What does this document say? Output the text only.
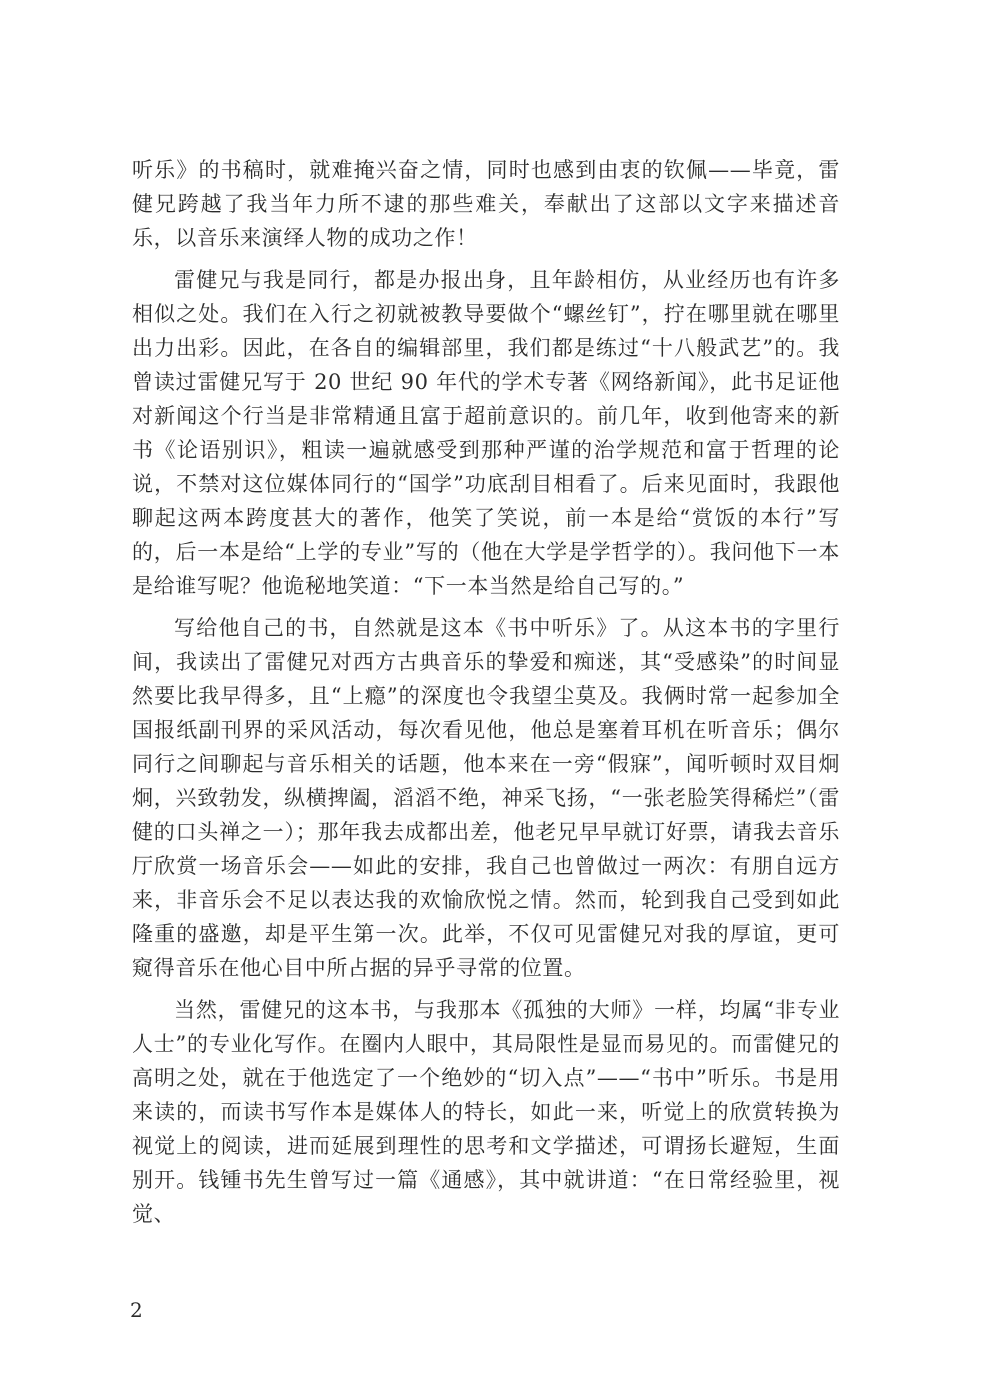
听乐》的书稿时，就难掩兴奋之情，同时也感到由衷的钦佩——毕竟，雷健兄跨越了我当年力所不逮的那些难关，奉献出了这部以文字来描述音乐，以音乐来演绎人物的成功之作！

雷健兄与我是同行，都是办报出身，且年龄相仿，从业经历也有许多相似之处。我们在入行之初就被教导要做个“螺丝钉”，拧在哪里就在哪里出力出彩。因此，在各自的编辑部里，我们都是练过“十八般武艺”的。我曾读过雷健兄写于 20 世纪 90 年代的学术专著《网络新闻》，此书足证他对新闻这个行当是非常精通且富于超前意识的。前几年，收到他寄来的新书《论语别识》，粗读一遍就感受到那种严谨的治学规范和富于哲理的论说，不禁对这位媒体同行的“国学”功底刮目相看了。后来见面时，我跟他聊起这两本跨度甚大的著作，他笑了笑说，前一本是给“赏饭的本行”写的，后一本是给“上学的专业”写的（他在大学是学哲学的）。我问他下一本是给谁写呢？他诡秘地笑道：“下一本当然是给自己写的。”

写给他自己的书，自然就是这本《书中听乐》了。从这本书的字里行间，我读出了雷健兄对西方古典音乐的挚爱和痴迷，其“受感染”的时间显然要比我早得多，且“上瘾”的深度也令我望尘莫及。我俩时常一起参加全国报纸副刊界的采风活动，每次看见他，他总是塞着耳机在听音乐；偶尔同行之间聊起与音乐相关的话题，他本来在一旁“假寐”，闻听顿时双目炯炯，兴致勃发，纵横捭阖，滔滔不绝，神采飞扬，“一张老脸笑得稀烂”（雷健的口头禅之一）；那年我去成都出差，他老兄早早就订好票，请我去音乐厅欣赏一场音乐会——如此的安排，我自己也曾做过一两次：有朋自远方来，非音乐会不足以表达我的欢愉欣悦之情。然而，轮到我自己受到如此隆重的盛邀，却是平生第一次。此举，不仅可见雷健兄对我的厚谊，更可窥得音乐在他心目中所占据的异乎寻常的位置。

当然，雷健兄的这本书，与我那本《孤独的大师》一样，均属“非专业人士”的专业化写作。在圈内人眼中，其局限性是显而易见的。而雷健兄的高明之处，就在于他选定了一个绝妙的“切入点”——“书中”听乐。书是用来读的，而读书写作本是媒体人的特长，如此一来，听觉上的欣赏转换为视觉上的阅读，进而延展到理性的思考和文学描述，可谓扬长避短，生面别开。钱锺书先生曾写过一篇《通感》，其中就讲道：“在日常经验里，视觉、

2
